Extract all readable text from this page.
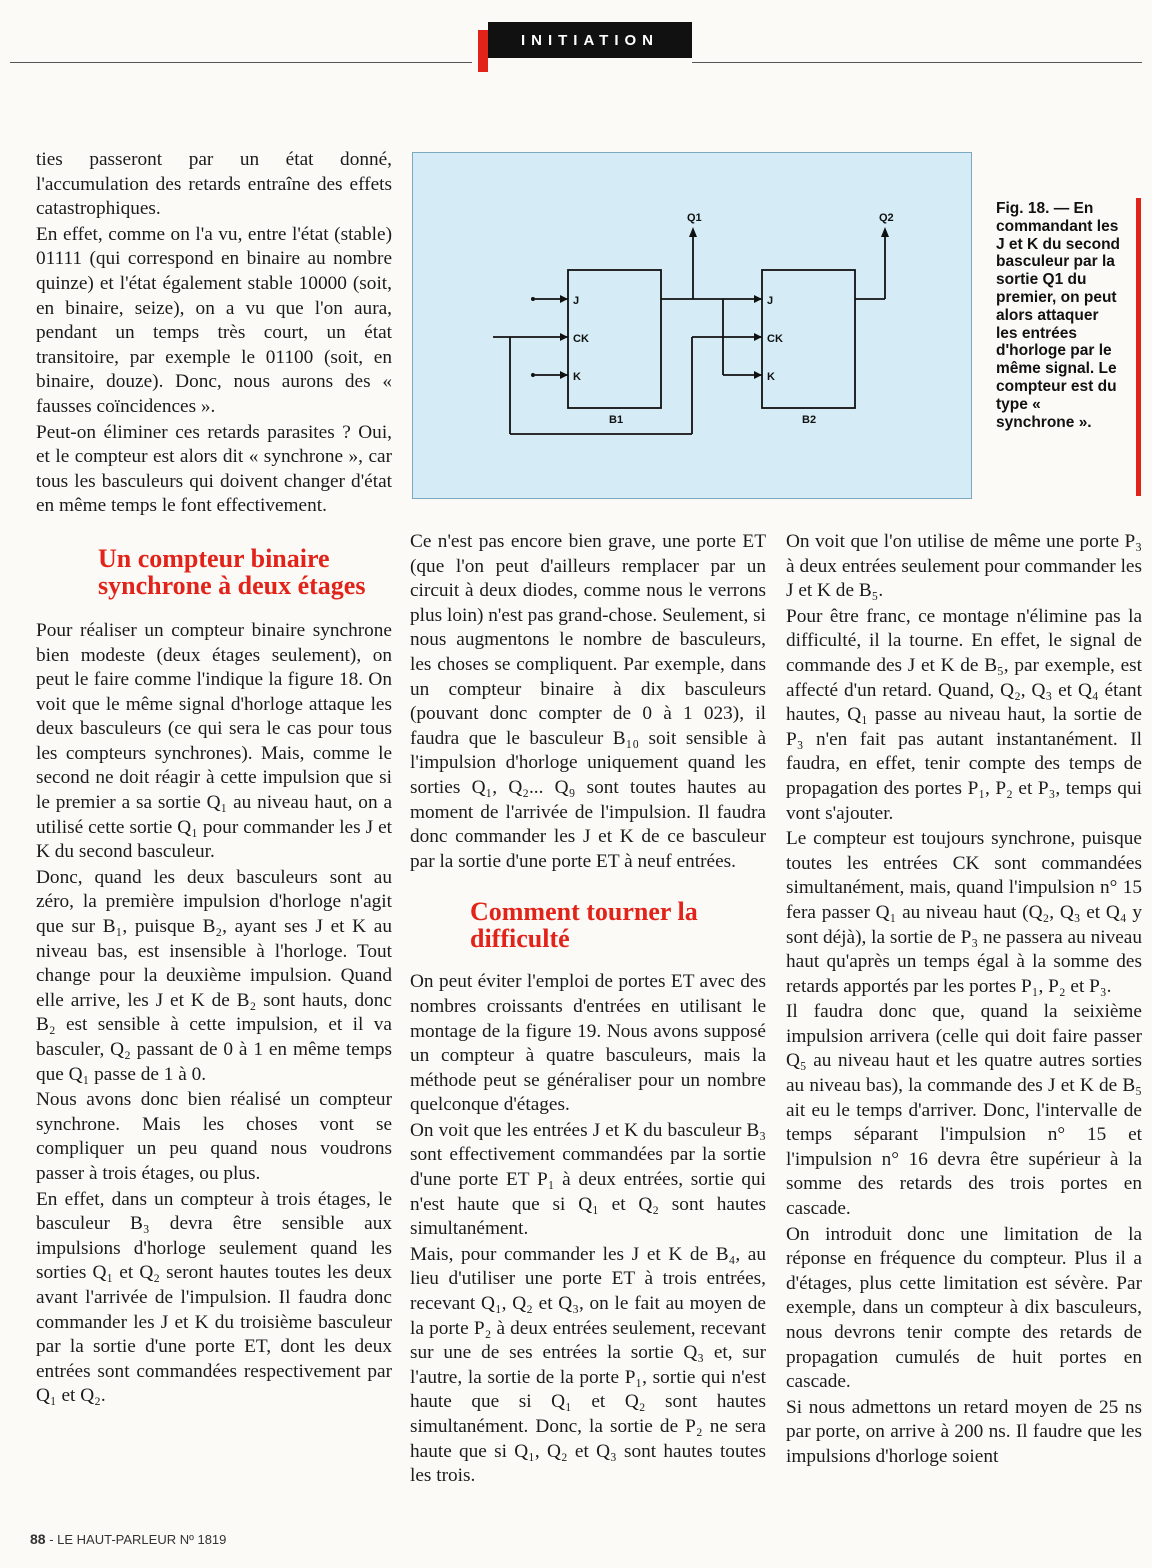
INITIATION

ties passeront par un état donné, l'accumulation des retards entraîne des effets catastrophiques.

En effet, comme on l'a vu, entre l'état (stable) 01111 (qui correspond en binaire au nombre quinze) et l'état également stable 10000 (soit, en binaire, seize), on a vu que l'on aura, pendant un temps très court, un état transitoire, par exemple le 01100 (soit, en binaire, douze). Donc, nous aurons des « fausses coïncidences ».

Peut-on éliminer ces retards parasites ? Oui, et le compteur est alors dit « synchrone », car tous les basculeurs qui doivent changer d'état en même temps le font effectivement.

Un compteur binaire synchrone à deux étages

Pour réaliser un compteur binaire synchrone bien modeste (deux étages seulement), on peut le faire comme l'indique la figure 18. On voit que le même signal d'horloge attaque les deux basculeurs (ce qui sera le cas pour tous les compteurs synchrones). Mais, comme le second ne doit réagir à cette impulsion que si le premier a sa sortie Q₁ au niveau haut, on a utilisé cette sortie Q₁ pour commander les J et K du second basculeur.

Donc, quand les deux basculeurs sont au zéro, la première impulsion d'horloge n'agit que sur B₁, puisque B₂, ayant ses J et K au niveau bas, est insensible à l'horloge. Tout change pour la deuxième impulsion. Quand elle arrive, les J et K de B₂ sont hauts, donc B₂ est sensible à cette impulsion, et il va basculer, Q₂ passant de 0 à 1 en même temps que Q₁ passe de 1 à 0.

Nous avons donc bien réalisé un compteur synchrone. Mais les choses vont se compliquer un peu quand nous voudrons passer à trois étages, ou plus.

En effet, dans un compteur à trois étages, le basculeur B₃ devra être sensible aux impulsions d'horloge seulement quand les sorties Q₁ et Q₂ seront hautes toutes les deux avant l'arrivée de l'impulsion. Il faudra donc commander les J et K du troisième basculeur par la sortie d'une porte ET, dont les deux entrées sont commandées respectivement par Q₁ et Q₂.

Q1	Q2
J
CK
K
J
CK
K
B1	B2
Fig. 18. — En commandant les J et K du second basculeur par la sortie Q1 du premier, on peut alors attaquer les entrées d'horloge par le même signal. Le compteur est du type « synchrone ».

Ce n'est pas encore bien grave, une porte ET (que l'on peut d'ailleurs remplacer par un circuit à deux diodes, comme nous le verrons plus loin) n'est pas grand-chose. Seulement, si nous augmentons le nombre de basculeurs, les choses se compliquent. Par exemple, dans un compteur binaire à dix basculeurs (pouvant donc compter de 0 à 1 023), il faudra que le basculeur B₁₀ soit sensible à l'impulsion d'horloge uniquement quand les sorties Q₁, Q₂... Q₉ sont toutes hautes au moment de l'arrivée de l'impulsion. Il faudra donc commander les J et K de ce basculeur par la sortie d'une porte ET à neuf entrées.

Comment tourner la difficulté

On peut éviter l'emploi de portes ET avec des nombres croissants d'entrées en utilisant le montage de la figure 19. Nous avons supposé un compteur à quatre basculeurs, mais la méthode peut se généraliser pour un nombre quelconque d'étages.

On voit que les entrées J et K du basculeur B₃ sont effectivement commandées par la sortie d'une porte ET P₁ à deux entrées, sortie qui n'est haute que si Q₁ et Q₂ sont hautes simultanément.

Mais, pour commander les J et K de B₄, au lieu d'utiliser une porte ET à trois entrées, recevant Q₁, Q₂ et Q₃, on le fait au moyen de la porte P₂ à deux entrées seulement, recevant sur une de ses entrées la sortie Q₃ et, sur l'autre, la sortie de la porte P₁, sortie qui n'est haute que si Q₁ et Q₂ sont hautes simultanément. Donc, la sortie de P₂ ne sera haute que si Q₁, Q₂ et Q₃ sont hautes toutes les trois.

On voit que l'on utilise de même une porte P₃ à deux entrées seulement pour commander les J et K de B₅.

Pour être franc, ce montage n'élimine pas la difficulté, il la tourne. En effet, le signal de commande des J et K de B₅, par exemple, est affecté d'un retard. Quand, Q₂, Q₃ et Q₄ étant hautes, Q₁ passe au niveau haut, la sortie de P₃ n'en fait pas autant instantanément. Il faudra, en effet, tenir compte des temps de propagation des portes P₁, P₂ et P₃, temps qui vont s'ajouter.

Le compteur est toujours synchrone, puisque toutes les entrées CK sont commandées simultanément, mais, quand l'impulsion n° 15 fera passer Q₁ au niveau haut (Q₂, Q₃ et Q₄ y sont déjà), la sortie de P₃ ne passera au niveau haut qu'après un temps égal à la somme des retards apportés par les portes P₁, P₂ et P₃.

Il faudra donc que, quand la seixième impulsion arrivera (celle qui doit faire passer Q₅ au niveau haut et les quatre autres sorties au niveau bas), la commande des J et K de B₅ ait eu le temps d'arriver. Donc, l'intervalle de temps séparant l'impulsion n° 15 et l'impulsion n° 16 devra être supérieur à la somme des retards des trois portes en cascade.

On introduit donc une limitation de la réponse en fréquence du compteur. Plus il a d'étages, plus cette limitation est sévère. Par exemple, dans un compteur à dix basculeurs, nous devrons tenir compte des retards de propagation cumulés de huit portes en cascade.

Si nous admettons un retard moyen de 25 ns par porte, on arrive à 200 ns. Il faudre que les impulsions d'horloge soient

88 - LE HAUT-PARLEUR Nº 1819
